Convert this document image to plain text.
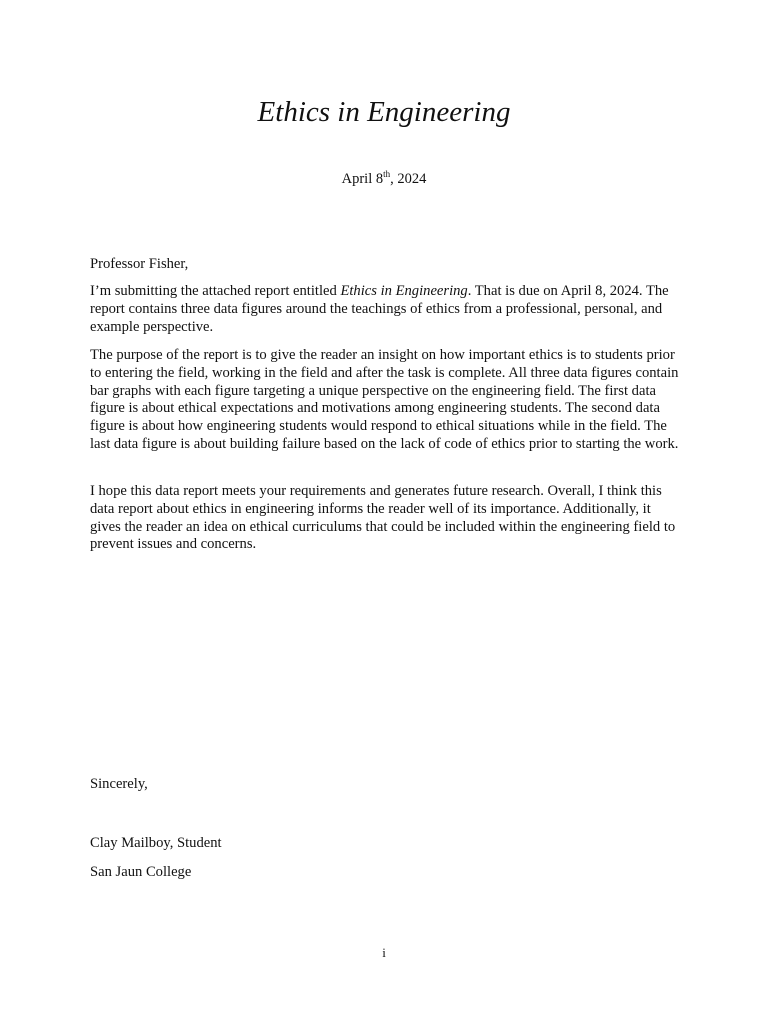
Ethics in Engineering
April 8th, 2024

Professor Fisher,

I’m submitting the attached report entitled Ethics in Engineering. That is due on April 8, 2024. The report contains three data figures around the teachings of ethics from a professional, personal, and example perspective.

The purpose of the report is to give the reader an insight on how important ethics is to students prior to entering the field, working in the field and after the task is complete. All three data figures contain bar graphs with each figure targeting a unique perspective on the engineering field. The first data figure is about ethical expectations and motivations among engineering students. The second data figure is about how engineering students would respond to ethical situations while in the field. The last data figure is about building failure based on the lack of code of ethics prior to starting the work.

I hope this data report meets your requirements and generates future research. Overall, I think this data report about ethics in engineering informs the reader well of its importance. Additionally, it gives the reader an idea on ethical curriculums that could be included within the engineering field to prevent issues and concerns.

Sincerely,

Clay Mailboy, Student

San Jaun College

i
